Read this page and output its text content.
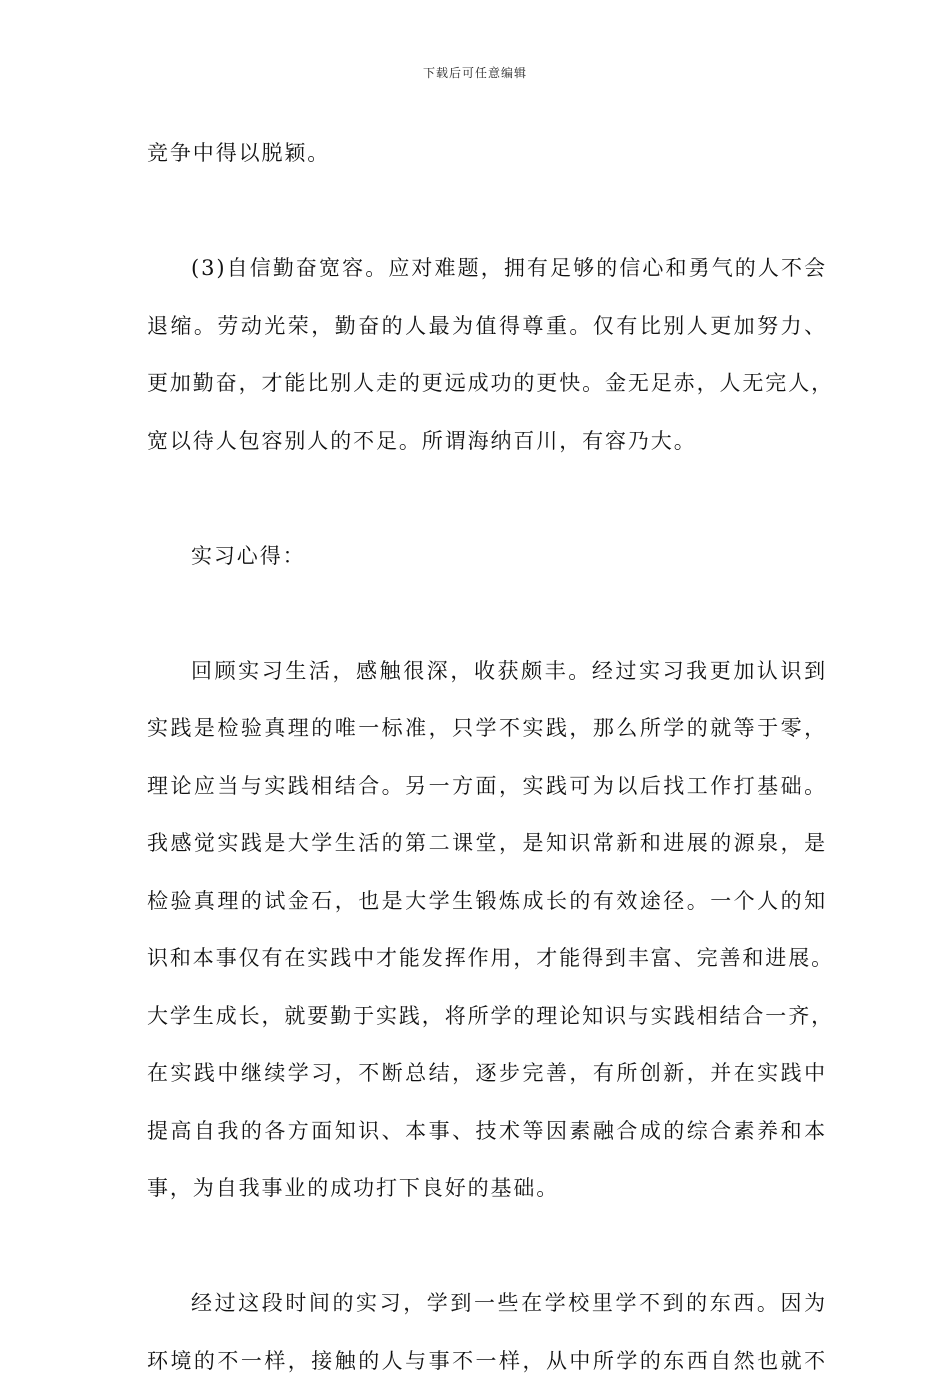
下载后可任意编辑
竞争中得以脱颖。
(3)自信勤奋宽容。应对难题，拥有足够的信心和勇气的人不会
退缩。劳动光荣，勤奋的人最为值得尊重。仅有比别人更加努力、
更加勤奋，才能比别人走的更远成功的更快。金无足赤，人无完人，
宽以待人包容别人的不足。所谓海纳百川，有容乃大。
实习心得：
回顾实习生活，感触很深，收获颇丰。经过实习我更加认识到
实践是检验真理的唯一标准，只学不实践，那么所学的就等于零，
理论应当与实践相结合。另一方面，实践可为以后找工作打基础。
我感觉实践是大学生活的第二课堂，是知识常新和进展的源泉，是
检验真理的试金石，也是大学生锻炼成长的有效途径。一个人的知
识和本事仅有在实践中才能发挥作用，才能得到丰富、完善和进展。
大学生成长，就要勤于实践，将所学的理论知识与实践相结合一齐，
在实践中继续学习，不断总结，逐步完善，有所创新，并在实践中
提高自我的各方面知识、本事、技术等因素融合成的综合素养和本
事，为自我事业的成功打下良好的基础。
经过这段时间的实习，学到一些在学校里学不到的东西。因为
环境的不一样，接触的人与事不一样，从中所学的东西自然也就不
